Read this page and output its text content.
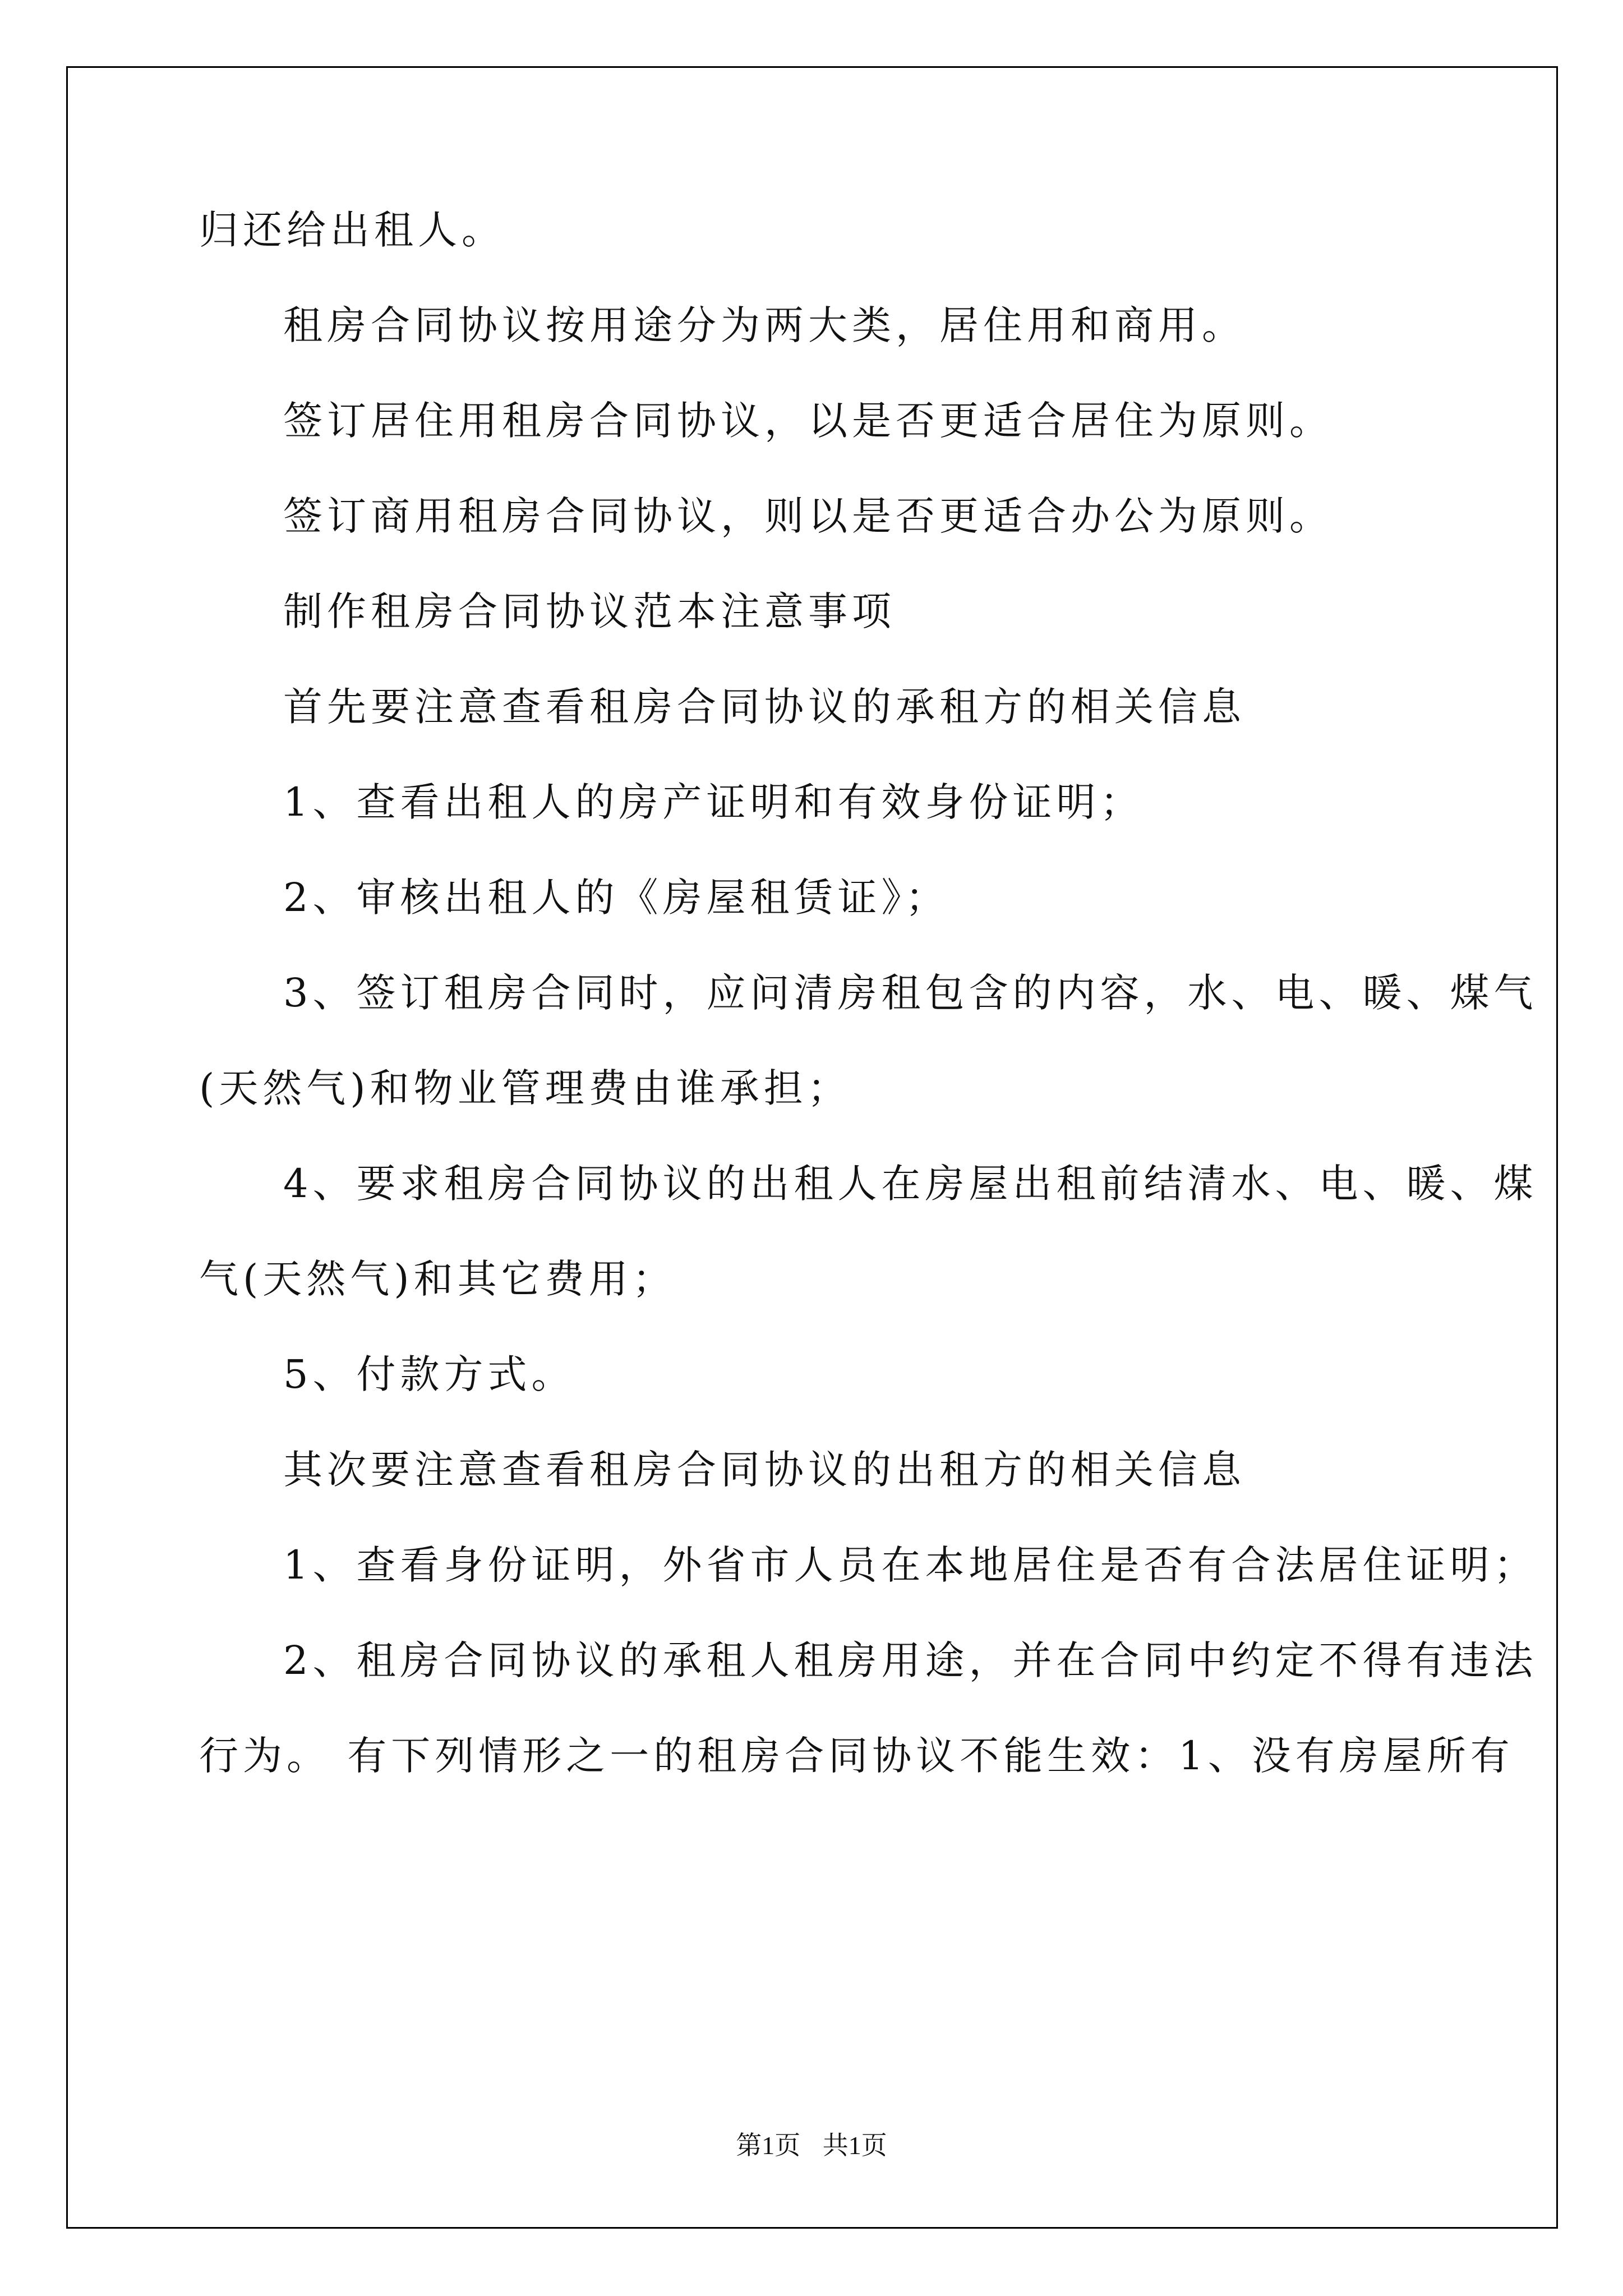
归还给出租人。
租房合同协议按用途分为两大类，居住用和商用。
签订居住用租房合同协议，以是否更适合居住为原则。
签订商用租房合同协议，则以是否更适合办公为原则。
制作租房合同协议范本注意事项
首先要注意查看租房合同协议的承租方的相关信息
1、查看出租人的房产证明和有效身份证明；
2、审核出租人的《房屋租赁证》；
3、签订租房合同时，应问清房租包含的内容，水、电、暖、煤气
(天然气)和物业管理费由谁承担；
4、要求租房合同协议的出租人在房屋出租前结清水、电、暖、煤
气(天然气)和其它费用；
5、付款方式。
其次要注意查看租房合同协议的出租方的相关信息
1、查看身份证明，外省市人员在本地居住是否有合法居住证明；
2、租房合同协议的承租人租房用途，并在合同中约定不得有违法
行为。 有下列情形之一的租房合同协议不能生效：1、没有房屋所有
第1页 共1页
